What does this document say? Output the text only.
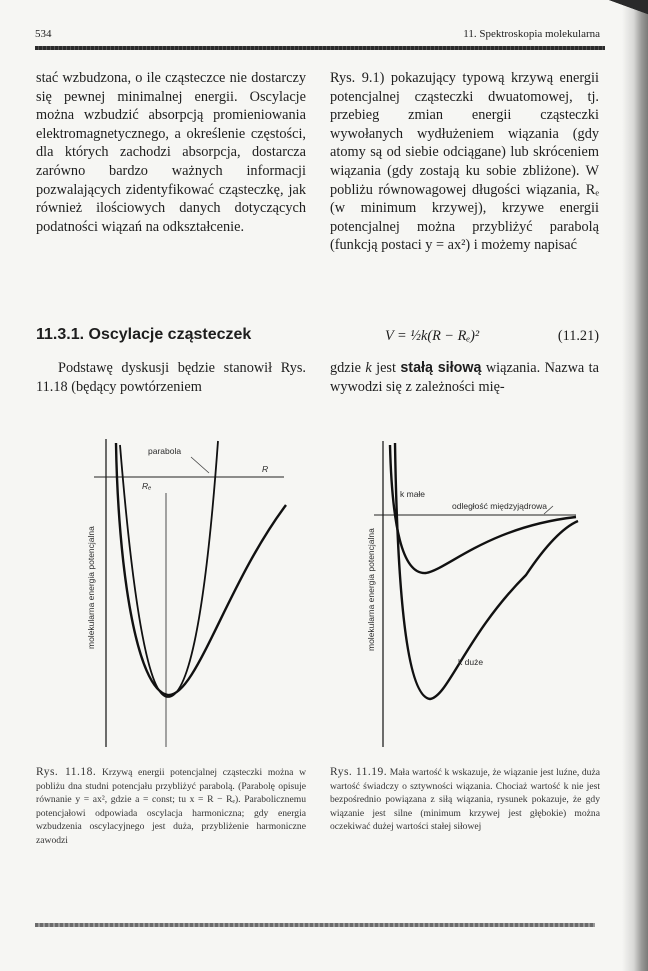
534	11. Spektroskopia molekularna

stać wzbudzona, o ile cząsteczce nie dostarczy się pewnej minimalnej energii. Oscylacje można wzbudzić absorpcją promieniowania elektromagnetycznego, a określenie częstości, dla których zachodzi absorpcja, dostarcza zarówno bardzo ważnych informacji pozwalających zidentyfikować cząsteczkę, jak również ilościowych danych dotyczących podatności wiązań na odkształcenie.

11.3.1. Oscylacje cząsteczek

Podstawę dyskusji będzie stanowił Rys. 11.18 (będący powtórzeniem

Rys. 9.1) pokazujący typową krzywą energii potencjalnej cząsteczki dwuatomowej, tj. przebieg zmian energii cząsteczki wywołanych wydłużeniem wiązania (gdy atomy są od siebie odciągane) lub skróceniem wiązania (gdy zostają ku sobie zbliżone). W pobliżu równowagowej długości wiązania, Rₑ (w minimum krzywej), krzywe energii potencjalnej można przybliżyć parabolą (funkcją postaci y = ax²) i możemy napisać

V = ½k(R − Rₑ)²	(11.21)

gdzie k jest stałą siłową wiązania. Nazwa ta wywodzi się z zależności mię-

parabola
R
Rₑ
molekularna energia potencjalna
k małe
odległość międzyjądrowa
k duże
molekularna energia potencjalna

Rys. 11.18. Krzywą energii potencjalnej cząsteczki można w pobliżu dna studni potencjału przybliżyć parabolą. (Parabolę opisuje równanie y = ax², gdzie a = const; tu x = R − Rₑ). Parabolicznemu potencjałowi odpowiada oscylacja harmoniczna; gdy energia wzbudzenia oscylacyjnego jest duża, przybliżenie harmoniczne zawodzi

Rys. 11.19. Mała wartość k wskazuje, że wiązanie jest luźne, duża wartość świadczy o sztywności wiązania. Chociaż wartość k nie jest bezpośrednio powiązana z siłą wiązania, rysunek pokazuje, że gdy wiązanie jest silne (minimum krzywej jest głębokie) można oczekiwać dużej wartości stałej siłowej
